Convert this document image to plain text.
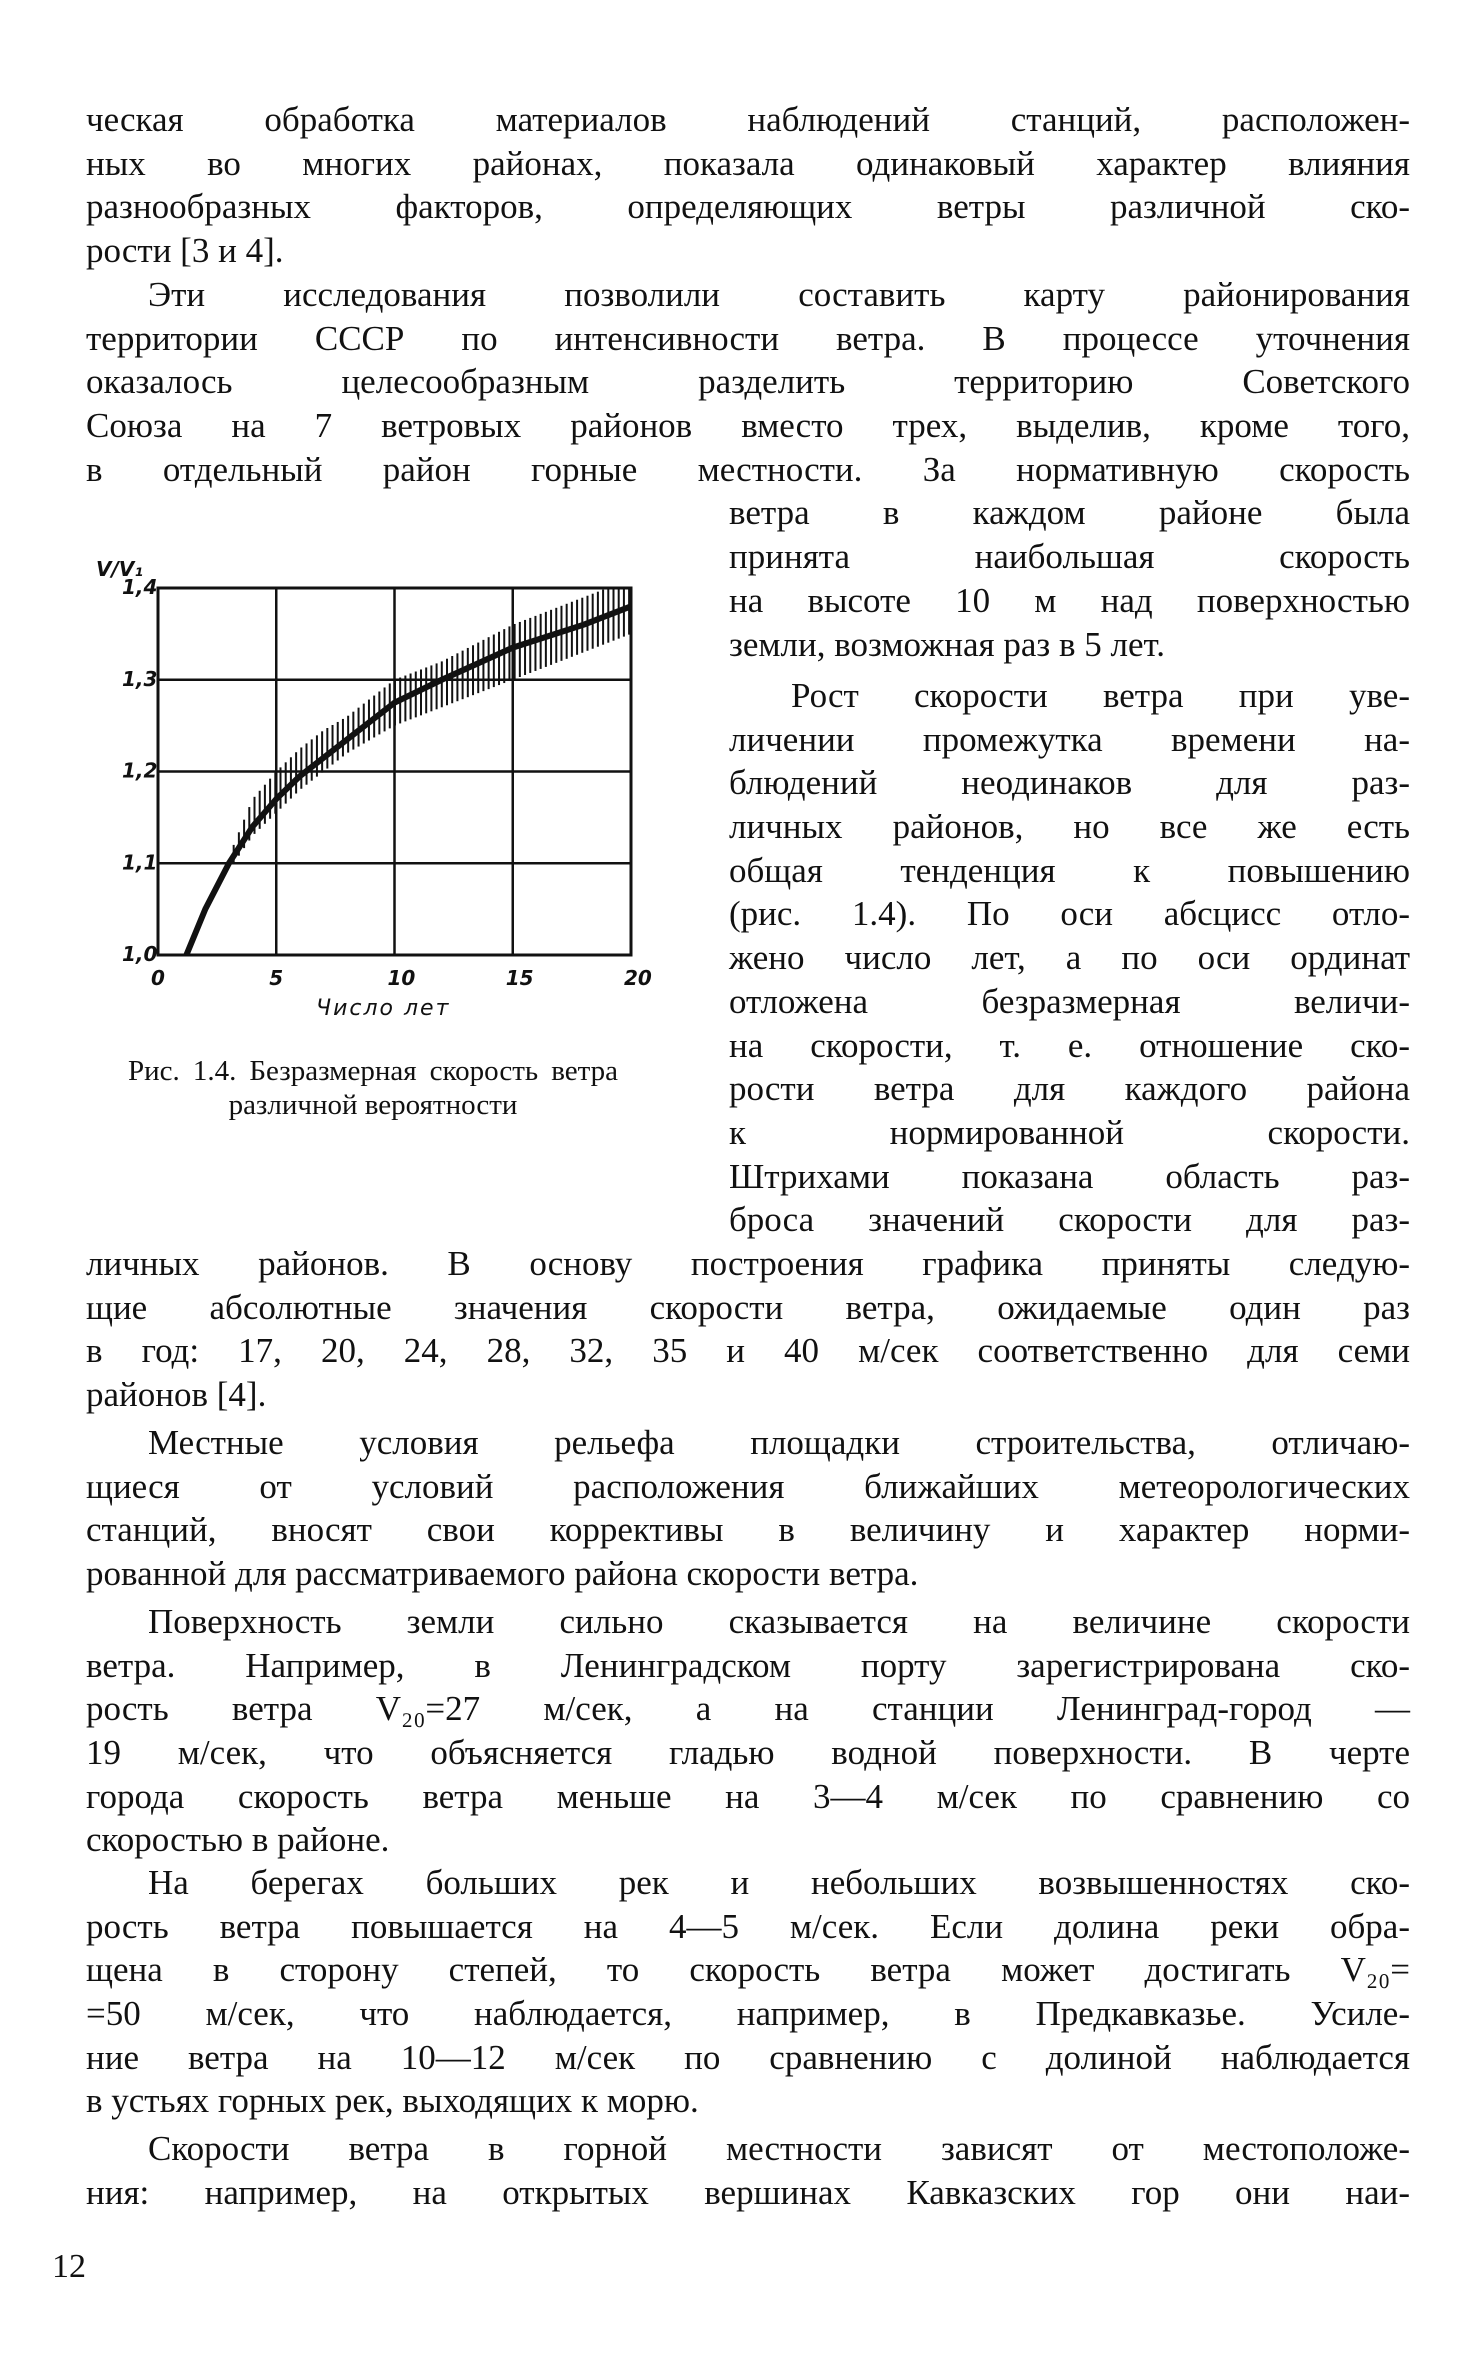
ческая обработка материалов наблюдений станций, расположен-
ных во многих районах, показала одинаковый характер влияния
разнообразных факторов, определяющих ветры различной ско-
рости [3 и 4].
Эти исследования позволили составить карту районирования
территории СССР по интенсивности ветра. В процессе уточнения
оказалось целесообразным разделить территорию Советского
Союза на 7 ветровых районов вместо трех, выделив, кроме того,
в отдельный район горные местности. За нормативную скорость
ветра в каждом районе была
принята наибольшая скорость
на высоте 10 м над поверхностью
земли, возможная раз в 5 лет.
Рост скорости ветра при уве-
личении промежутка времени на-
блюдений неодинаков для раз-
личных районов, но все же есть
общая тенденция к повышению
(рис. 1.4). По оси абсцисс отло-
жено число лет, а по оси ординат
отложена безразмерная величи-
на скорости, т. е. отношение ско-
рости ветра для каждого района
к нормированной скорости.
Штрихами показана область раз-
броса значений скорости для раз-
личных районов. В основу построения графика приняты следую-
щие абсолютные значения скорости ветра, ожидаемые один раз
в год: 17, 20, 24, 28, 32, 35 и 40 м/сек соответственно для семи
районов [4].
Местные условия рельефа площадки строительства, отличаю-
щиеся от условий расположения ближайших метеорологических
станций, вносят свои коррективы в величину и характер норми-
рованной для рассматриваемого района скорости ветра.
Поверхность земли сильно сказывается на величине скорости
ветра. Например, в Ленинградском порту зарегистрирована ско-
рость ветра V₂₀=27 м/сек, а на станции Ленинград-город —
19 м/сек, что объясняется гладью водной поверхности. В черте
города скорость ветра меньше на 3—4 м/сек по сравнению со
скоростью в районе.
На берегах больших рек и небольших возвышенностях ско-
рость ветра повышается на 4—5 м/сек. Если долина реки обра-
щена в сторону степей, то скорость ветра может достигать V₂₀=
=50 м/сек, что наблюдается, например, в Предкавказье. Усиле-
ние ветра на 10—12 м/сек по сравнению с долиной наблюдается
в устьях горных рек, выходящих к морю.
Скорости ветра в горной местности зависят от местоположе-
ния: например, на открытых вершинах Кавказских гор они наи-
V/V₁
Число лет
0	5	10	15	20
1,0
1,1
1,2
1,3
1,4
Рис. 1.4. Безразмерная скорость ветра различной вероятности
12
